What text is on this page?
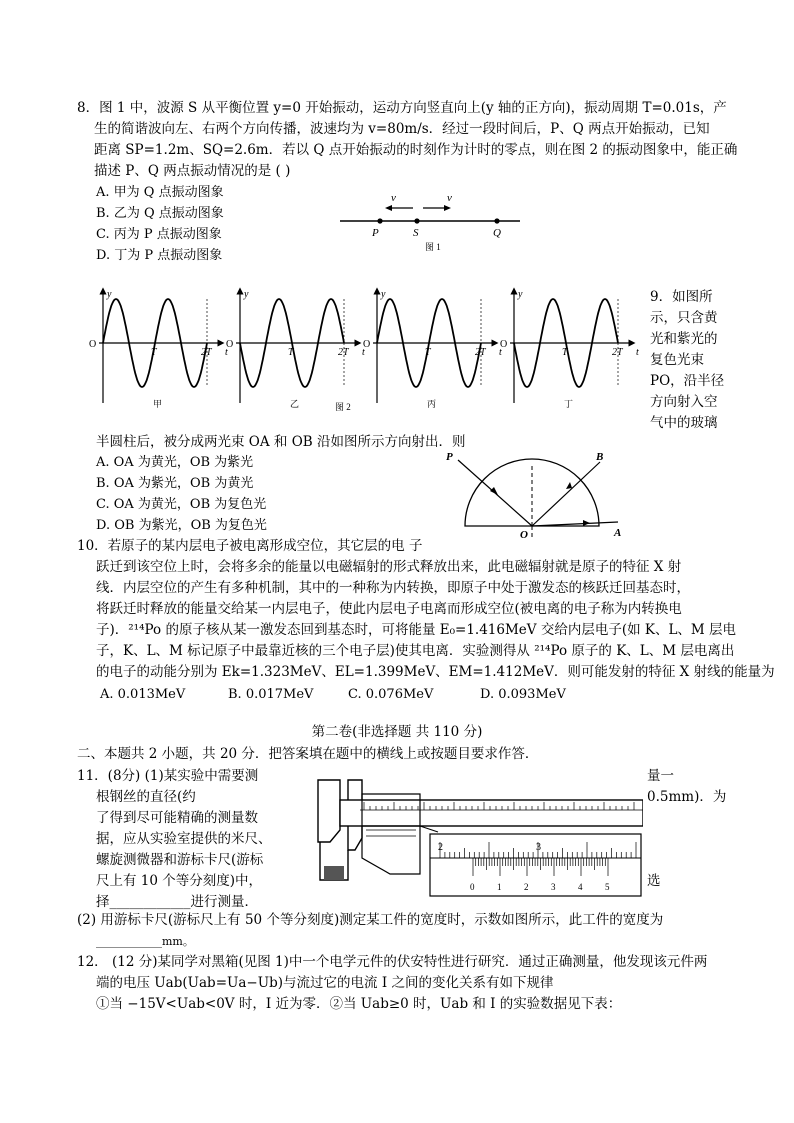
8．图 1 中，波源 S 从平衡位置 y=0 开始振动，运动方向竖直向上(y 轴的正方向)，振动周期 T=0.01s，产
生的简谐波向左、右两个方向传播，波速均为 v=80m/s．经过一段时间后，P、Q 两点开始振动，已知
距离 SP=1.2m、SQ=2.6m．若以 Q 点开始振动的时刻作为计时的零点，则在图 2 的振动图象中，能正确
描述 P、Q 两点振动情况的是 ( )
A. 甲为 Q 点振动图象
B. 乙为 Q 点振动图象
C. 丙为 P 点振动图象
D. 丁为 P 点振动图象
v	v
P	S	Q
图 1
y
O
T	2T t
甲
y
O
T	2T t
乙
y
O
T	2T t
丙
y
O
T	2T t
丁
图 2
9．如图所
示，只含黄
光和紫光的
复色光束
PO，沿半径
方向射入空
气中的玻璃
半圆柱后，被分成两光束 OA 和 OB 沿如图所示方向射出．则
A. OA 为黄光，OB 为紫光
B. OA 为紫光，OB 为黄光
C. OA 为黄光，OB 为复色光
D. OB 为紫光，OB 为复色光
P	B
O	A
10．若原子的某内层电子被电离形成空位，其它层的电 子
跃迁到该空位上时，会将多余的能量以电磁辐射的形式释放出来，此电磁辐射就是原子的特征 X 射
线．内层空位的产生有多种机制，其中的一种称为内转换，即原子中处于激发态的核跃迁回基态时，
将跃迁时释放的能量交给某一内层电子，使此内层电子电离而形成空位(被电离的电子称为内转换电
子)．²¹⁴Po 的原子核从某一激发态回到基态时，可将能量 E₀=1.416MeV 交给内层电子(如 K、L、M 层电
子，K、L、M 标记原子中最靠近核的三个电子层)使其电离．实验测得从 ²¹⁴Po 原子的 K、L、M 层电离出
的电子的动能分别为 Ek=1.323MeV、EL=1.399MeV、EM=1.412MeV．则可能发射的特征 X 射线的能量为
A. 0.013MeV	B. 0.017MeV	C. 0.076MeV	D. 0.093MeV
第二卷(非选择题 共 110 分)
二、本题共 2 小题，共 20 分．把答案填在题中的横线上或按题目要求作答．
11．(8分) (1)某实验中需要测
根钢丝的直径(约
了得到尽可能精确的测量数
据，应从实验室提供的米尺、
螺旋测微器和游标卡尺(游标
尺上有 10 个等分刻度)中，
择____________进行测量．
量一
0.5mm)．为
选
2	3
0	1	2	3	4	5
(2) 用游标卡尺(游标尺上有 50 个等分刻度)测定某工件的宽度时，示数如图所示，此工件的宽度为
____________mm。
12． (12 分)某同学对黑箱(见图 1)中一个电学元件的伏安特性进行研究．通过正确测量，他发现该元件两
端的电压 Uab(Uab=Ua−Ub)与流过它的电流 I 之间的变化关系有如下规律
①当 −15V<Uab<0V 时，I 近为零．②当 Uab≥0 时，Uab 和 I 的实验数据见下表：
